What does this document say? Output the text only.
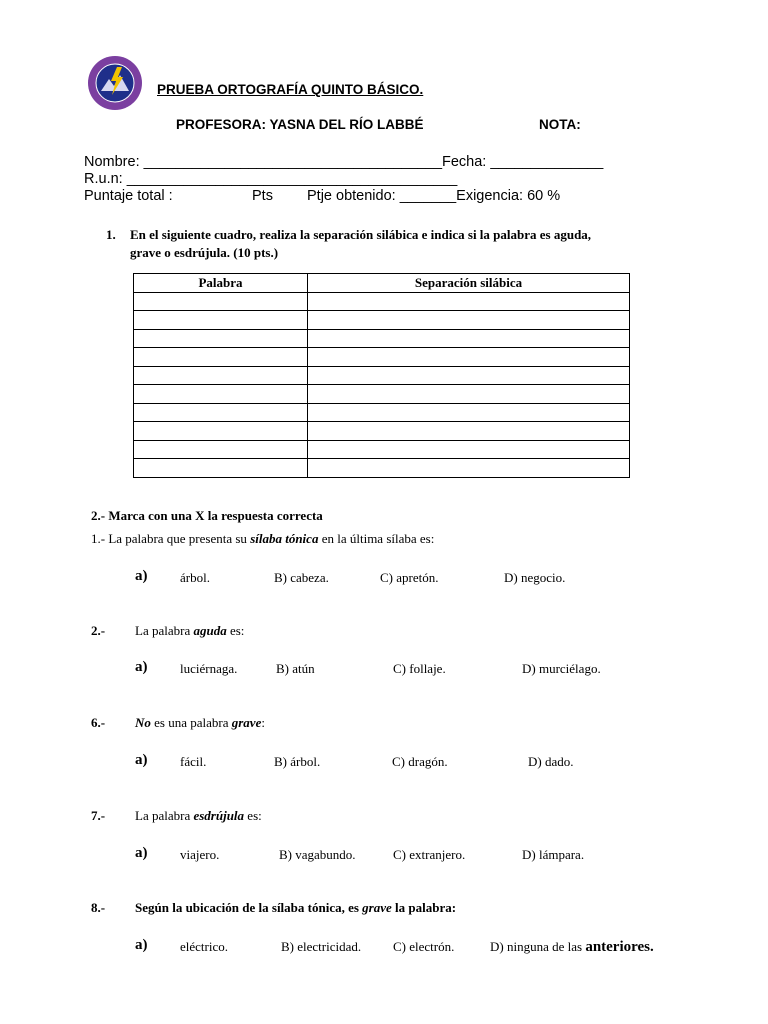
PRUEBA ORTOGRAFÍA QUINTO BÁSICO.
PROFESORA: YASNA DEL RÍO LABBÉ	NOTA:
Nombre: _____________________________________Fecha: ______________
R.u.n: _________________________________________
Puntaje total :	Pts Ptje obtenido: _______Exigencia: 60 %
1. En el siguiente cuadro, realiza la separación silábica e indica si la palabra es aguda,
grave o esdrújula. (10 pts.)
Palabra	Separación silábica

2.- Marca con una X la respuesta correcta
1.- La palabra que presenta su sílaba tónica en la última sílaba es:
a)	árbol.	B) cabeza.	C) apretón.	D) negocio.
2.- La palabra aguda es:
a)	luciérnaga.	B) atún	C) follaje.	D) murciélago.
6.- No es una palabra grave:
a)	fácil.	B) árbol.	C) dragón.	D) dado.
7.- La palabra esdrújula es:
a)	viajero.	B) vagabundo.	C) extranjero.	D) lámpara.
8.- Según la ubicación de la sílaba tónica, es grave la palabra:
a)	eléctrico.	B) electricidad. C) electrón.	D) ninguna de las anteriores.
